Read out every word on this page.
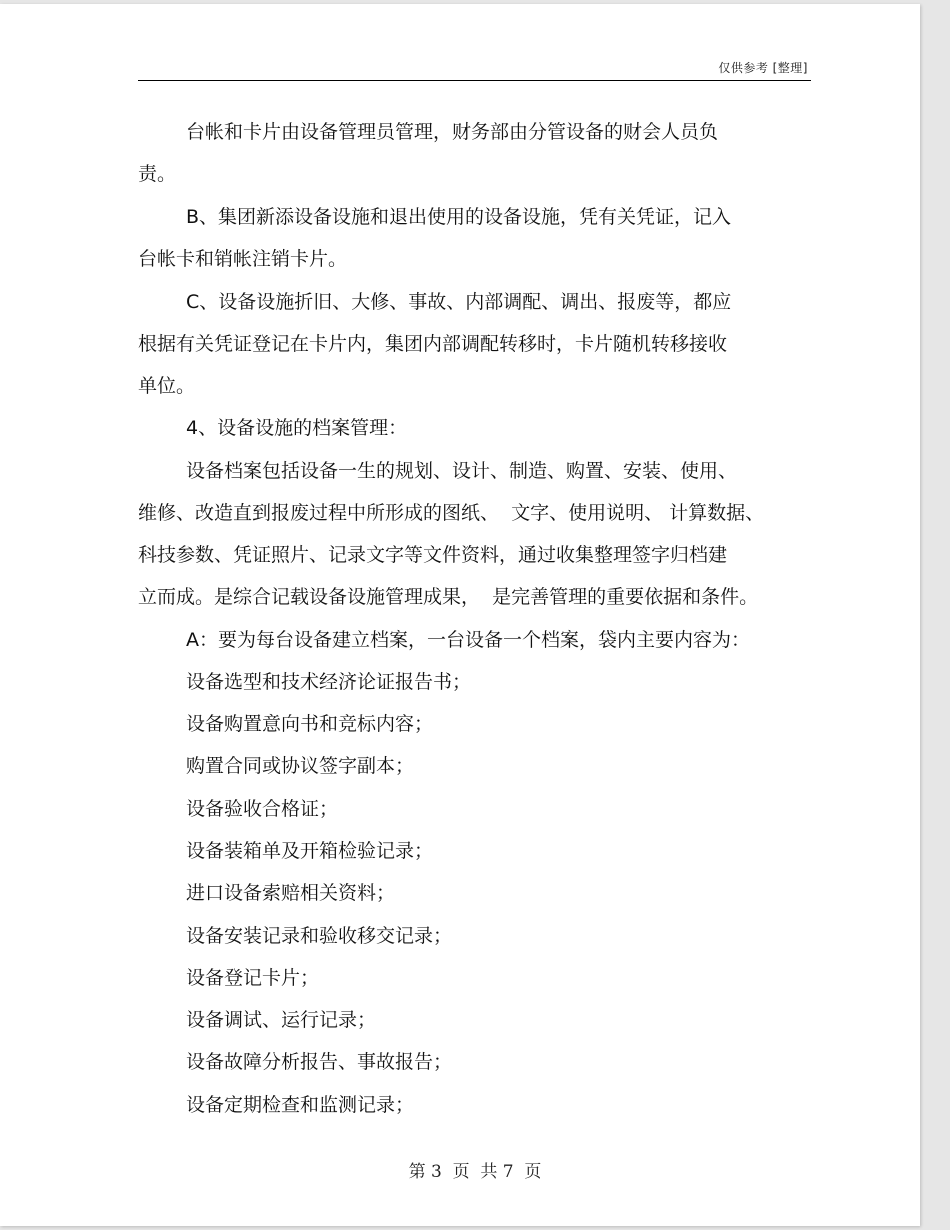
仅供参考 [整理]
台帐和卡片由设备管理员管理，财务部由分管设备的财会人员负
责。
B、集团新添设备设施和退出使用的设备设施，凭有关凭证，记入
台帐卡和销帐注销卡片。
C、设备设施折旧、大修、事故、内部调配、调出、报废等，都应
根据有关凭证登记在卡片内，集团内部调配转移时，卡片随机转移接收
单位。
4、设备设施的档案管理：
设备档案包括设备一生的规划、设计、制造、购置、安装、使用、
维修、改造直到报废过程中所形成的图纸、  文字、使用说明、 计算数据、
科技参数、凭证照片、记录文字等文件资料，通过收集整理签字归档建
立而成。是综合记载设备设施管理成果，  是完善管理的重要依据和条件。
A：要为每台设备建立档案，一台设备一个档案，袋内主要内容为：
设备选型和技术经济论证报告书；
设备购置意向书和竞标内容；
购置合同或协议签字副本；
设备验收合格证；
设备装箱单及开箱检验记录；
进口设备索赔相关资料；
设备安装记录和验收移交记录；
设备登记卡片；
设备调试、运行记录；
设备故障分析报告、事故报告；
设备定期检查和监测记录；
第 3  页  共 7  页
